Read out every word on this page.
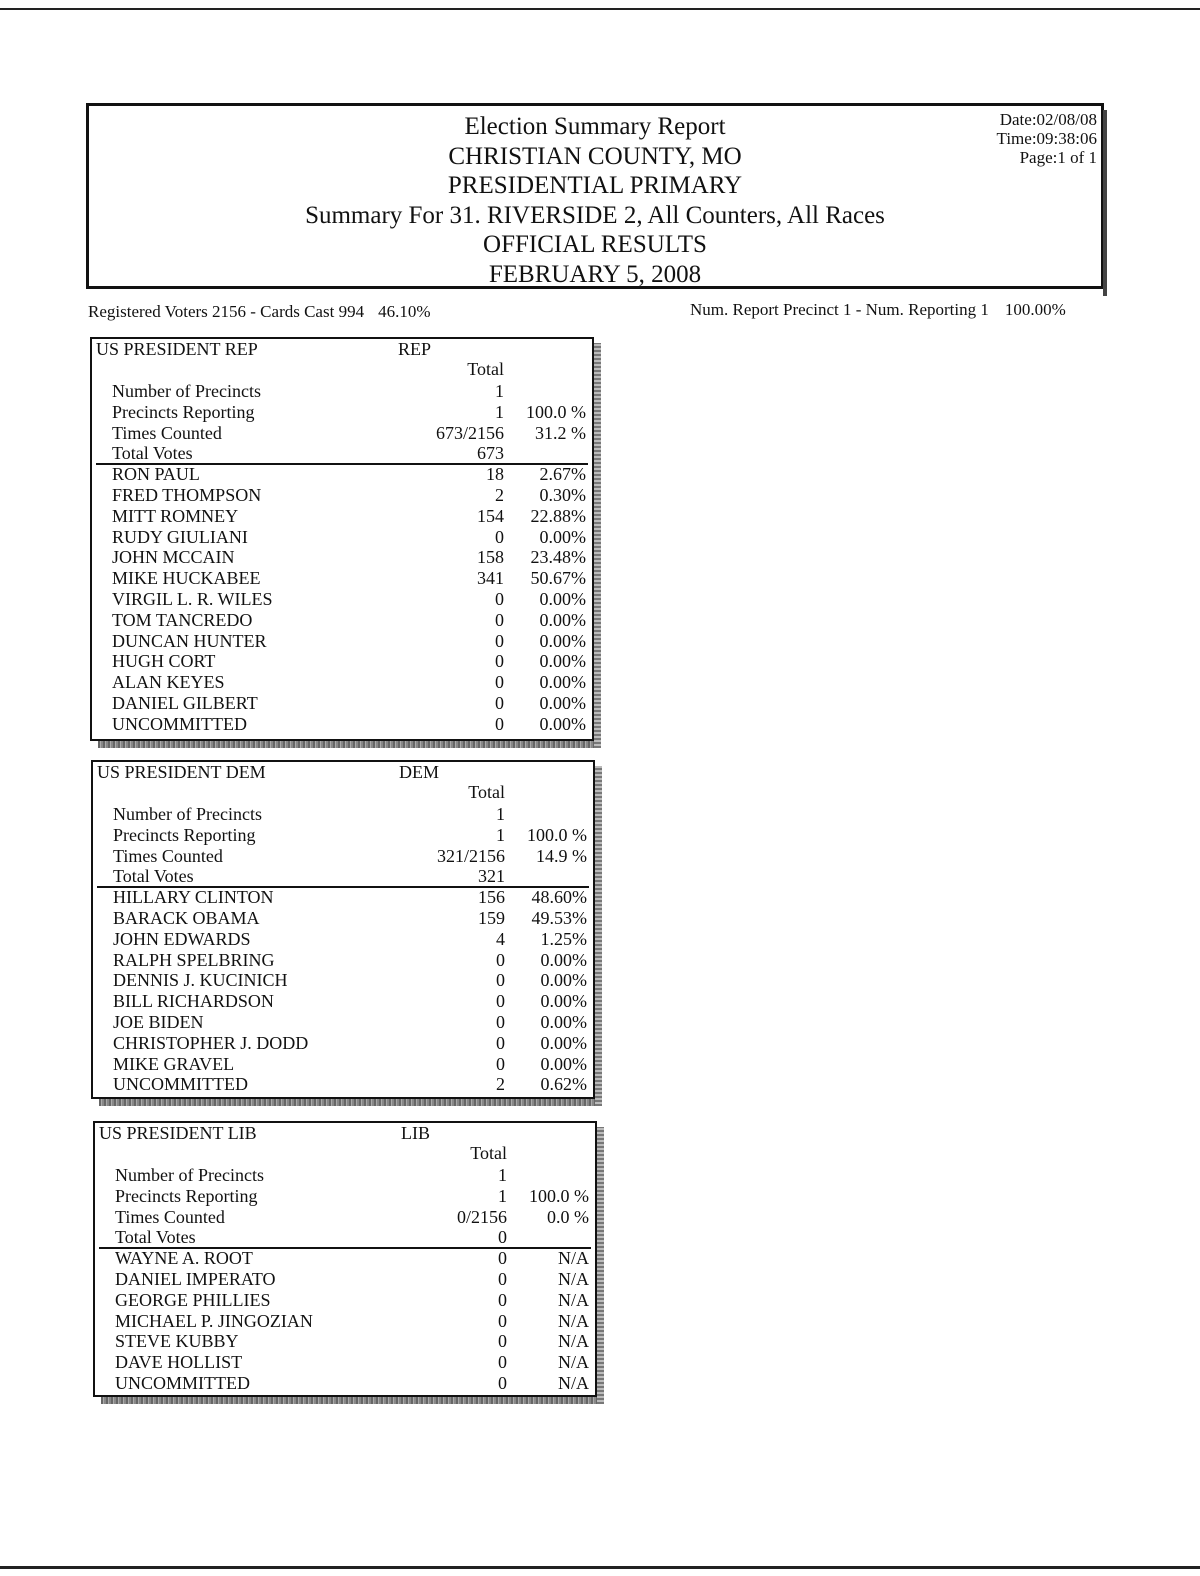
Election Summary Report
CHRISTIAN COUNTY, MO
PRESIDENTIAL PRIMARY
Summary For 31. RIVERSIDE 2, All Counters, All Races
OFFICIAL RESULTS
FEBRUARY 5, 2008
Date:02/08/08
Time:09:38:06
Page:1 of 1
Registered Voters 2156 - Cards Cast 994 46.10%	Num. Report Precinct 1 - Num. Reporting 1 100.00%
US PRESIDENT REP	REP
Total
Number of Precincts	1
Precincts Reporting	1	100.0 %
Times Counted	673/2156	31.2 %
Total Votes	673
RON PAUL	18	2.67%
FRED THOMPSON	2	0.30%
MITT ROMNEY	154	22.88%
RUDY GIULIANI	0	0.00%
JOHN MCCAIN	158	23.48%
MIKE HUCKABEE	341	50.67%
VIRGIL L. R. WILES	0	0.00%
TOM TANCREDO	0	0.00%
DUNCAN HUNTER	0	0.00%
HUGH CORT	0	0.00%
ALAN KEYES	0	0.00%
DANIEL GILBERT	0	0.00%
UNCOMMITTED	0	0.00%
US PRESIDENT DEM	DEM
Total
Number of Precincts	1
Precincts Reporting	1	100.0 %
Times Counted	321/2156	14.9 %
Total Votes	321
HILLARY CLINTON	156	48.60%
BARACK OBAMA	159	49.53%
JOHN EDWARDS	4	1.25%
RALPH SPELBRING	0	0.00%
DENNIS J. KUCINICH	0	0.00%
BILL RICHARDSON	0	0.00%
JOE BIDEN	0	0.00%
CHRISTOPHER J. DODD	0	0.00%
MIKE GRAVEL	0	0.00%
UNCOMMITTED	2	0.62%
US PRESIDENT LIB	LIB
Total
Number of Precincts	1
Precincts Reporting	1	100.0 %
Times Counted	0/2156	0.0 %
Total Votes	0
WAYNE A. ROOT	0	N/A
DANIEL IMPERATO	0	N/A
GEORGE PHILLIES	0	N/A
MICHAEL P. JINGOZIAN	0	N/A
STEVE KUBBY	0	N/A
DAVE HOLLIST	0	N/A
UNCOMMITTED	0	N/A
